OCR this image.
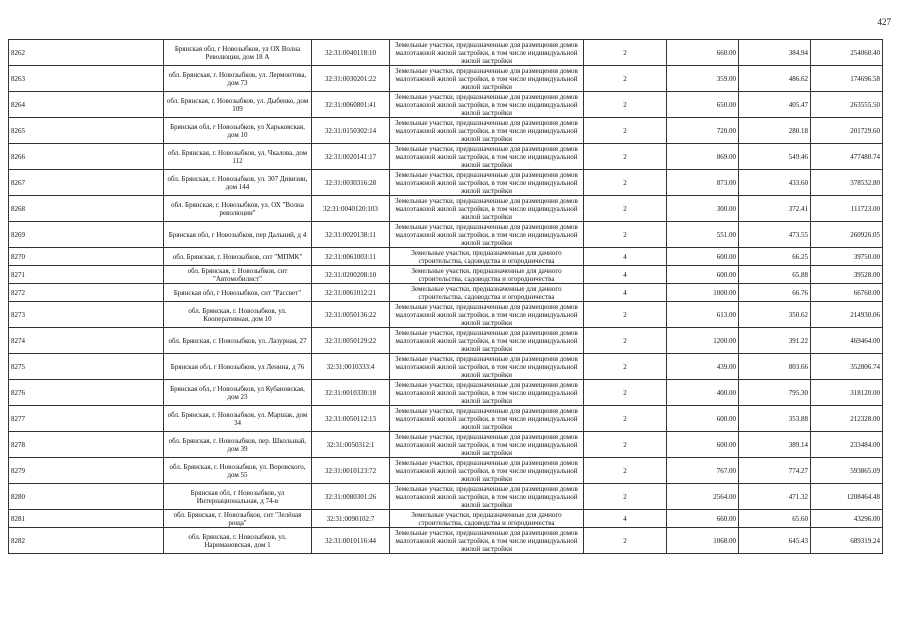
427
8262	Брянская обл, г Новозыбков, ул ОХ Волна Революции, дом 18 А	32:31:0040118:10	Земельные участки, предназначенные для размещения домов малоэтажной жилой застройки, в том числе индивидуальной жилой застройки	2	660.00	384.94	254060.40
8263	обл. Брянская, г. Новозыбков, ул. Лермонтова, дом 73	32:31:0030201:22	Земельные участки, предназначенные для размещения домов малоэтажной жилой застройки, в том числе индивидуальной жилой застройки	2	359.00	486.62	174696.58
8264	обл. Брянская, г. Новозыбков, ул. Дыбенко, дом 109	32:31:0060801:41	Земельные участки, предназначенные для размещения домов малоэтажной жилой застройки, в том числе индивидуальной жилой застройки	2	650.00	405.47	263555.50
8265	Брянская обл, г Новозыбков, ул Харьковская, дом 10	32:31:0150302:14	Земельные участки, предназначенные для размещения домов малоэтажной жилой застройки, в том числе индивидуальной жилой застройки	2	720.00	280.18	201729.60
8266	обл. Брянская, г. Новозыбков, ул. Чкалова, дом 112	32:31:0020141:17	Земельные участки, предназначенные для размещения домов малоэтажной жилой застройки, в том числе индивидуальной жилой застройки	2	869.00	549.46	477480.74
8267	обл. Брянская, г. Новозыбков, ул. 307 Дивизии, дом 144	32:31:0030316:28	Земельные участки, предназначенные для размещения домов малоэтажной жилой застройки, в том числе индивидуальной жилой застройки	2	873.00	433.60	378532.80
8268	обл. Брянская, г. Новозыбков, ул. ОХ "Волна революции"	32:31:0040120:103	Земельные участки, предназначенные для размещения домов малоэтажной жилой застройки, в том числе индивидуальной жилой застройки	2	300.00	372.41	111723.00
8269	Брянская обл, г Новозыбков, пер Дальний, д 4	32:31:0020138:11	Земельные участки, предназначенные для размещения домов малоэтажной жилой застройки, в том числе индивидуальной жилой застройки	2	551.00	473.55	260926.05
8270	обл. Брянская, г. Новозыбков, снт "МПМК"	32:31:0061003:11	Земельные участки, предназначенные для дачного строительства, садоводства и огородничества	4	600.00	66.25	39750.00
8271	обл. Брянская, г. Новозыбков, снт "Автомобилист"	32:31:0200208:10	Земельные участки, предназначенные для дачного строительства, садоводства и огородничества	4	600.00	65.88	39528.00
8272	Брянская обл, г Новозыбков, снт "Рассвет"	32:31:0061012:21	Земельные участки, предназначенные для дачного строительства, садоводства и огородничества	4	1000.00	66.76	66760.00
8273	обл. Брянская, г. Новозыбков, ул. Кооперативная, дом 10	32:31:0050136:22	Земельные участки, предназначенные для размещения домов малоэтажной жилой застройки, в том числе индивидуальной жилой застройки	2	613.00	350.62	214930.06
8274	обл. Брянская, г. Новозыбков, ул. Лазурная, 27	32:31:0050129:22	Земельные участки, предназначенные для размещения домов малоэтажной жилой застройки, в том числе индивидуальной жилой застройки	2	1200.00	391.22	469464.00
8275	Брянская обл, г Новозыбков, ул Ленина, д 76	32:31:0010333:4	Земельные участки, предназначенные для размещения домов малоэтажной жилой застройки, в том числе индивидуальной жилой застройки	2	439.00	803.66	352806.74
8276	Брянская обл, г Новозыбков, ул Кубановская, дом 23	32:31:0010330:18	Земельные участки, предназначенные для размещения домов малоэтажной жилой застройки, в том числе индивидуальной жилой застройки	2	400.00	795.30	318120.00
8277	обл. Брянская, г. Новозыбков, ул. Маршак, дом 34	32:31:0050112:13	Земельные участки, предназначенные для размещения домов малоэтажной жилой застройки, в том числе индивидуальной жилой застройки	2	600.00	353.88	212328.00
8278	обл. Брянская, г. Новозыбков, пер. Школьный, дом 39	32:31:0050312:1	Земельные участки, предназначенные для размещения домов малоэтажной жилой застройки, в том числе индивидуальной жилой застройки	2	600.00	389.14	233484.00
8279	обл. Брянская, г. Новозыбков, ул. Воровского, дом 55	32:31:0010123:72	Земельные участки, предназначенные для размещения домов малоэтажной жилой застройки, в том числе индивидуальной жилой застройки	2	767.00	774.27	593865.09
8280	Брянская обл, г Новозыбков, ул Интернациональная, д 74-в	32:31:0080301:26	Земельные участки, предназначенные для размещения домов малоэтажной жилой застройки, в том числе индивидуальной жилой застройки	2	2564.00	471.32	1208464.48
8281	обл. Брянская, г. Новозыбков, снт "Зелёная роща"	32:31:0090102:7	Земельные участки, предназначенные для дачного строительства, садоводства и огородничества	4	660.00	65.60	43296.00
8282	обл. Брянская, г. Новозыбков, ул. Наримановская, дом 1	32:31:0010116:44	Земельные участки, предназначенные для размещения домов малоэтажной жилой застройки, в том числе индивидуальной жилой застройки	2	1068.00	645.43	689319.24
